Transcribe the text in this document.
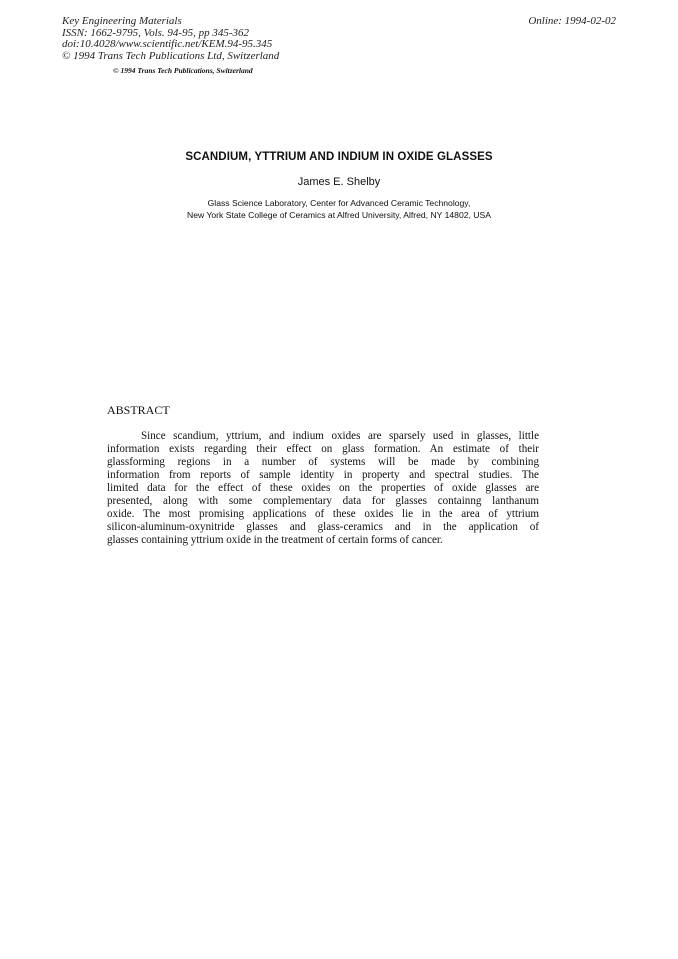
Key Engineering Materials
ISSN: 1662-9795, Vols. 94-95, pp 345-362
doi:10.4028/www.scientific.net/KEM.94-95.345
© 1994 Trans Tech Publications Ltd, Switzerland
Online: 1994-02-02
© 1994 Trans Tech Publications, Switzerland
SCANDIUM, YTTRIUM AND INDIUM IN OXIDE GLASSES
James E. Shelby
Glass Science Laboratory, Center for Advanced Ceramic Technology,
New York State College of Ceramics at Alfred University, Alfred, NY 14802, USA
ABSTRACT
Since scandium, yttrium, and indium oxides are sparsely used in glasses, little
information exists regarding their effect on glass formation. An estimate of their
glassforming regions in a number of systems will be made by combining
information from reports of sample identity in property and spectral studies. The
limited data for the effect of these oxides on the properties of oxide glasses are
presented, along with some complementary data for glasses containng lanthanum
oxide. The most promising applications of these oxides lie in the area of yttrium
silicon-aluminum-oxynitride glasses and glass-ceramics and in the application of
glasses containing yttrium oxide in the treatment of certain forms of cancer.
